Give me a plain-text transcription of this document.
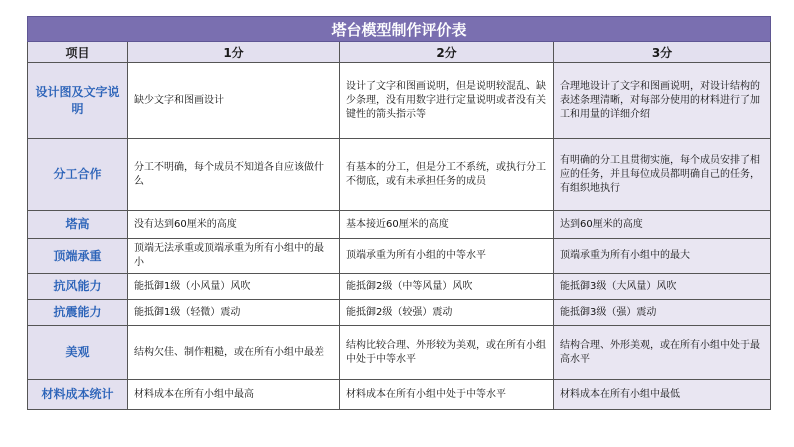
塔台模型制作评价表			
项目	1分	2分	3分
设计图及文字说明	缺少文字和图画设计	设计了文字和图画说明，但是说明较混乱、缺少条理，没有用数字进行定量说明或者没有关键性的箭头指示等	合理地设计了文字和图画说明，对设计结构的表述条理清晰，对每部分使用的材料进行了加工和用量的详细介绍
分工合作	分工不明确，每个成员不知道各自应该做什么	有基本的分工，但是分工不系统，或执行分工不彻底，或有未承担任务的成员	有明确的分工且贯彻实施，每个成员安排了相应的任务，并且每位成员都明确自己的任务，有组织地执行
塔高	没有达到60厘米的高度	基本接近60厘米的高度	达到60厘米的高度
顶端承重	顶端无法承重或顶端承重为所有小组中的最小	顶端承重为所有小组的中等水平	顶端承重为所有小组中的最大
抗风能力	能抵御1级（小风量）风吹	能抵御2级（中等风量）风吹	能抵御3级（大风量）风吹
抗震能力	能抵御1级（轻微）震动	能抵御2级（较强）震动	能抵御3级（强）震动
美观	结构欠佳、制作粗糙，或在所有小组中最差	结构比较合理、外形较为美观，或在所有小组中处于中等水平	结构合理、外形美观，或在所有小组中处于最高水平
材料成本统计	材料成本在所有小组中最高	材料成本在所有小组中处于中等水平	材料成本在所有小组中最低
